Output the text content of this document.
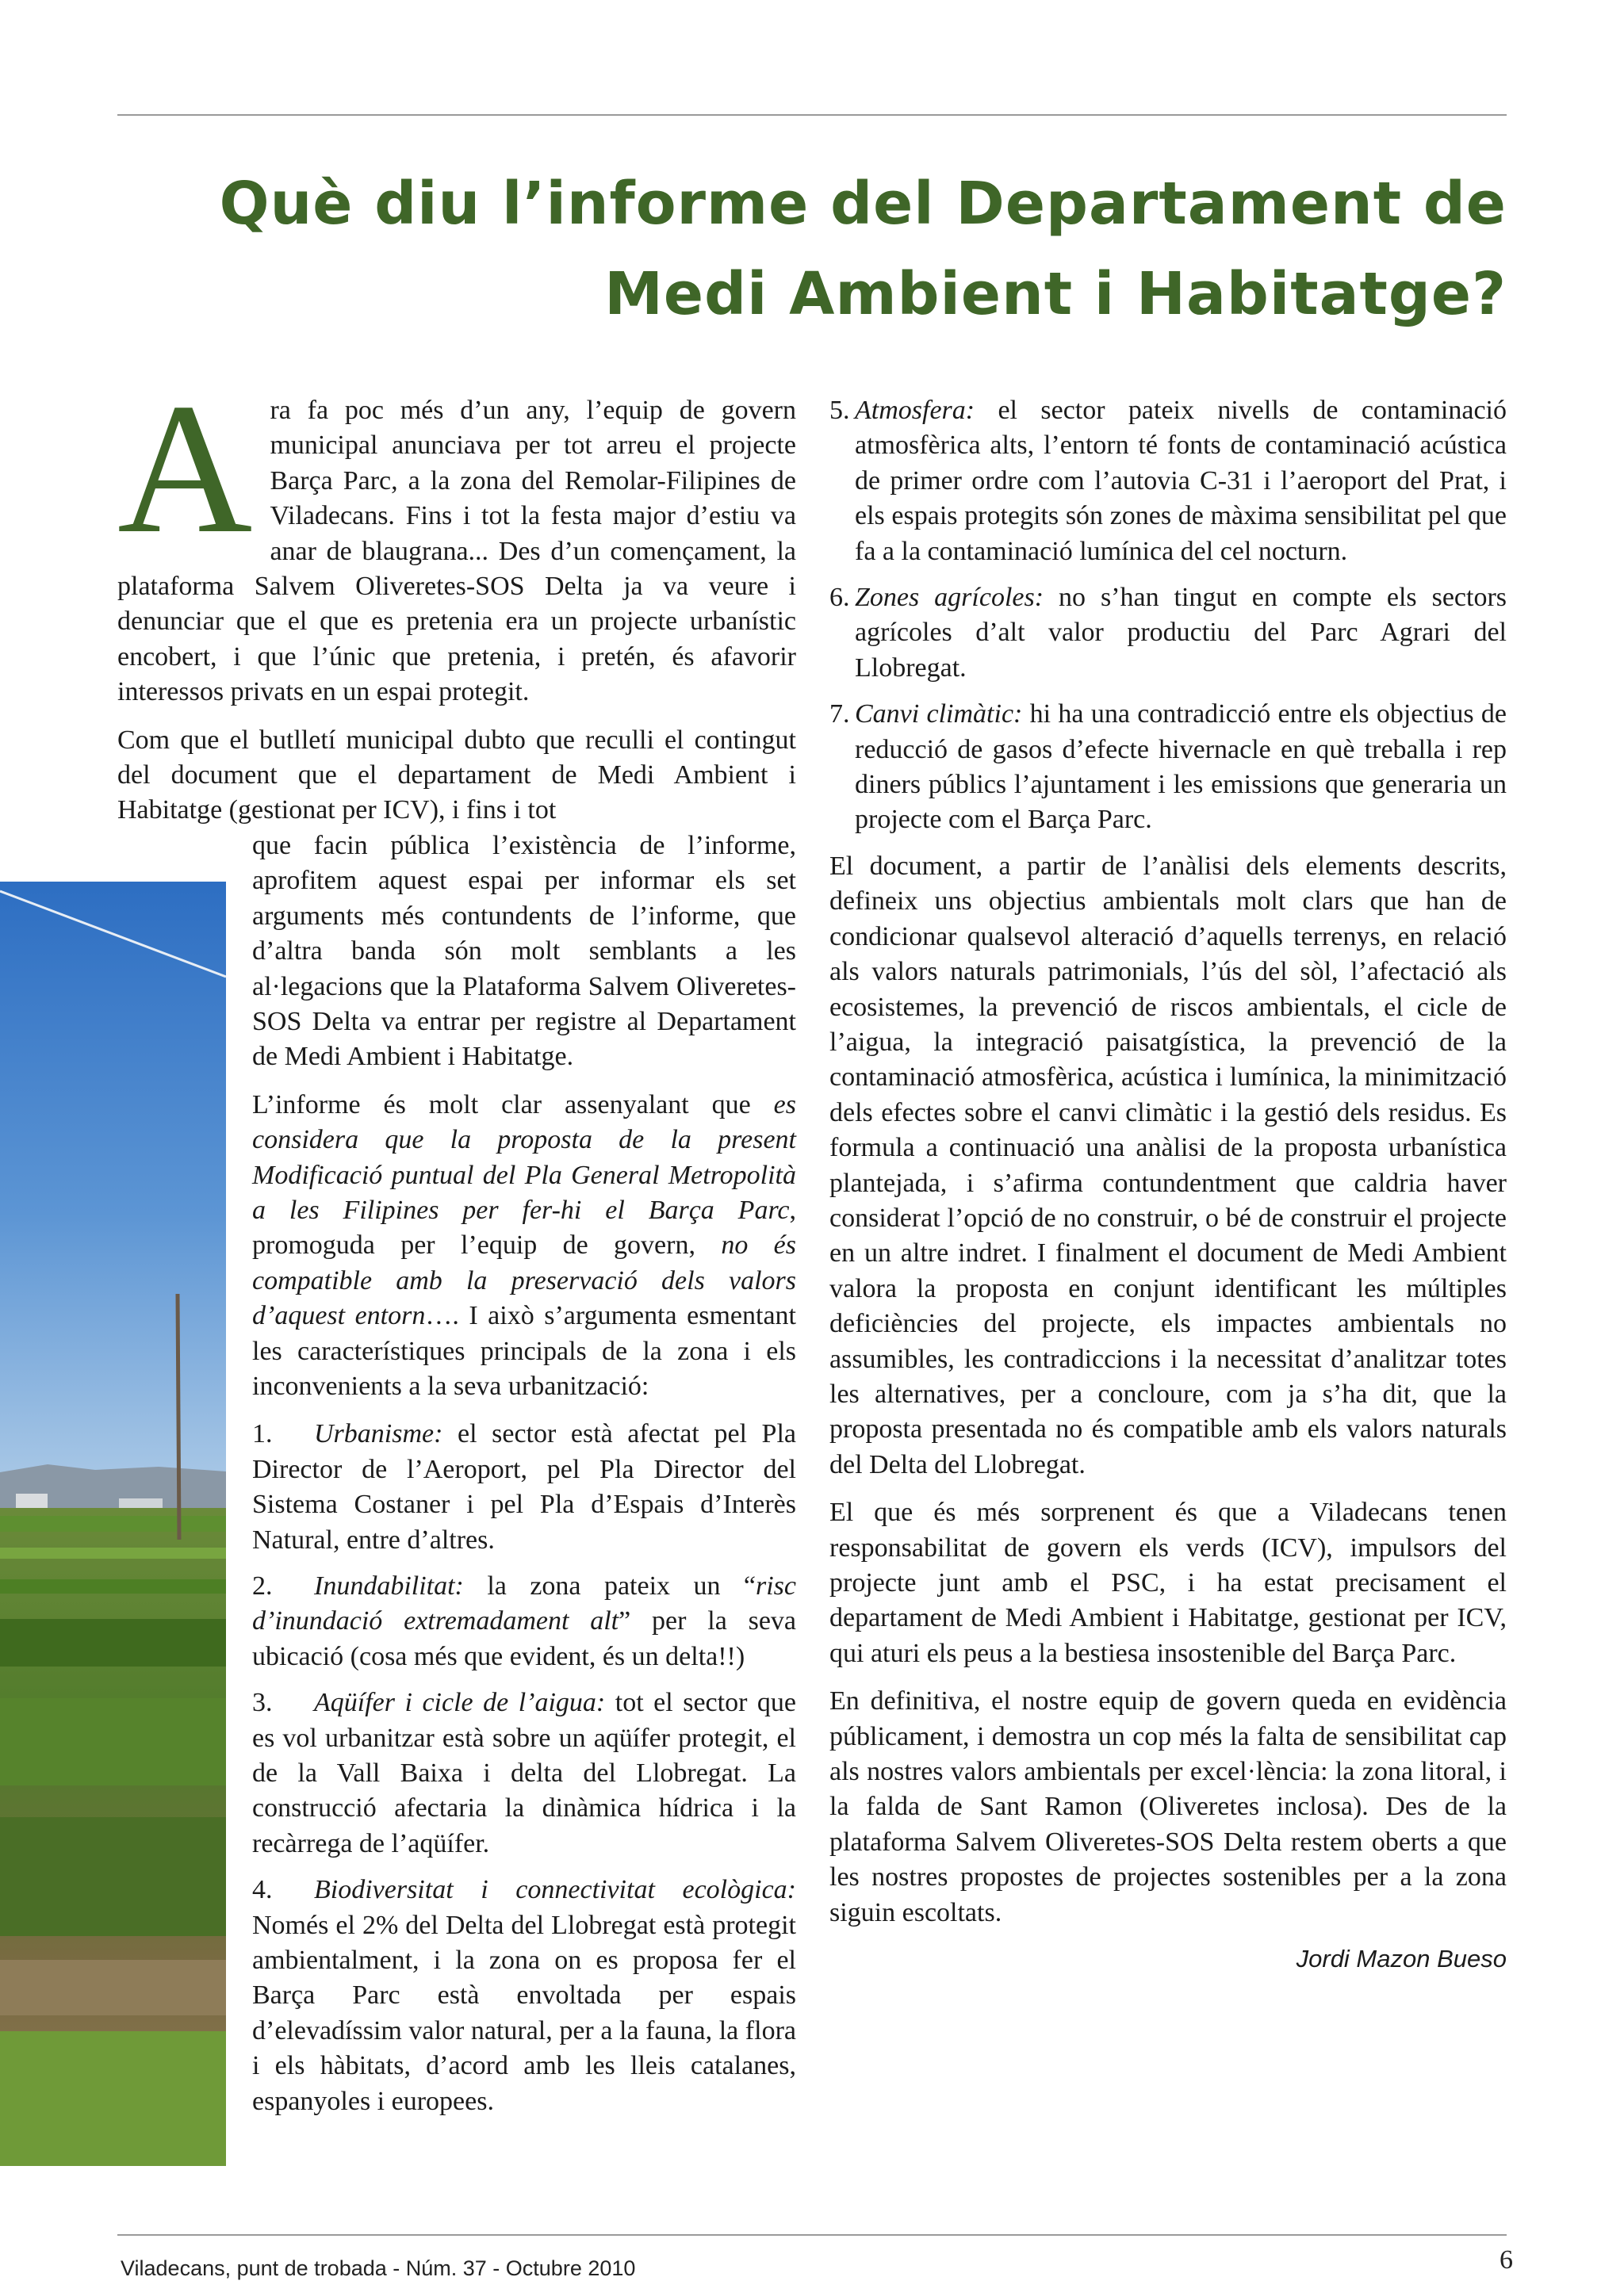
Què diu l’informe del Departament de
Medi Ambient i Habitatge?

Ara fa poc més d’un any, l’equip de govern municipal anunciava per tot arreu el projecte Barça Parc, a la zona del Remolar-Filipines de Viladecans. Fins i tot la festa major d’estiu va anar de blaugrana... Des d’un començament, la plataforma Salvem Oliveretes-SOS Delta ja va veure i denunciar que el que es pretenia era un projecte urbanístic encobert, i que l’únic que pretenia, i pretén, és afavorir interessos privats en un espai protegit.

Com que el butlletí municipal dubto que reculli el contingut del document que el departament de Medi Ambient i Habitatge (gestionat per ICV), i fins i tot

que facin pública l’existència de l’informe, aprofitem aquest espai per informar els set arguments més contundents de l’informe, que d’altra banda són molt semblants a les al·legacions que la Plataforma Salvem Oliveretes-SOS Delta va entrar per registre al Departament de Medi Ambient i Habitatge.

L’informe és molt clar assenyalant que es considera que la proposta de la present Modificació puntual del Pla General Metropolità a les Filipines per fer-hi el Barça Parc, promoguda per l’equip de govern, no és compatible amb la preservació dels valors d’aquest entorn…. I això s’argumenta esmentant les característiques principals de la zona i els inconvenients a la seva urbanització:

1. Urbanisme: el sector està afectat pel Pla Director de l’Aeroport, pel Pla Director del Sistema Costaner i pel Pla d’Espais d’Interès Natural, entre d’altres.

2. Inundabilitat: la zona pateix un “risc d’inundació extremadament alt” per la seva ubicació (cosa més que evident, és un delta!!)

3. Aqüífer i cicle de l’aigua: tot el sector que es vol urbanitzar està sobre un aqüífer protegit, el de la Vall Baixa i delta del Llobregat. La construcció afectaria la dinàmica hídrica i la recàrrega de l’aqüífer.

4. Biodiversitat i connectivitat ecològica: Només el 2% del Delta del Llobregat està protegit ambientalment, i la zona on es proposa fer el Barça Parc està envoltada per espais d’elevadíssim valor natural, per a la fauna, la flora i els hàbitats, d’acord amb les lleis catalanes, espanyoles i europees.

5. Atmosfera: el sector pateix nivells de contaminació atmosfèrica alts, l’entorn té fonts de contaminació acústica de primer ordre com l’autovia C-31 i l’aeroport del Prat, i els espais protegits són zones de màxima sensibilitat pel que fa a la contaminació lumínica del cel nocturn.

6. Zones agrícoles: no s’han tingut en compte els sectors agrícoles d’alt valor productiu del Parc Agrari del Llobregat.

7. Canvi climàtic: hi ha una contradicció entre els objectius de reducció de gasos d’efecte hivernacle en què treballa i rep diners públics l’ajuntament i les emissions que generaria un projecte com el Barça Parc.

El document, a partir de l’anàlisi dels elements descrits, defineix uns objectius ambientals molt clars que han de condicionar qualsevol alteració d’aquells terrenys, en relació als valors naturals patrimonials, l’ús del sòl, l’afectació als ecosistemes, la prevenció de riscos ambientals, el cicle de l’aigua, la integració paisatgística, la prevenció de la contaminació atmosfèrica, acústica i lumínica, la minimització dels efectes sobre el canvi climàtic i la gestió dels residus. Es formula a continuació una anàlisi de la proposta urbanística plantejada, i s’afirma contundentment que caldria haver considerat l’opció de no construir, o bé de construir el projecte en un altre indret. I finalment el document de Medi Ambient valora la proposta en conjunt identificant les múltiples deficiències del projecte, els impactes ambientals no assumibles, les contradiccions i la necessitat d’analitzar totes les alternatives, per a concloure, com ja s’ha dit, que la proposta presentada no és compatible amb els valors naturals del Delta del Llobregat.

El que és més sorprenent és que a Viladecans tenen responsabilitat de govern els verds (ICV), impulsors del projecte junt amb el PSC, i ha estat precisament el departament de Medi Ambient i Habitatge, gestionat per ICV, qui aturi els peus a la bestiesa insostenible del Barça Parc.

En definitiva, el nostre equip de govern queda en evidència públicament, i demostra un cop més la falta de sensibilitat cap als nostres valors ambientals per excel·lència: la zona litoral, i la falda de Sant Ramon (Oliveretes inclosa). Des de la plataforma Salvem Oliveretes-SOS Delta restem oberts a que les nostres propostes de projectes sostenibles per a la zona siguin escoltats.

Jordi Mazon Bueso
Viladecans, punt de trobada - Núm. 37 - Octubre 2010	6
